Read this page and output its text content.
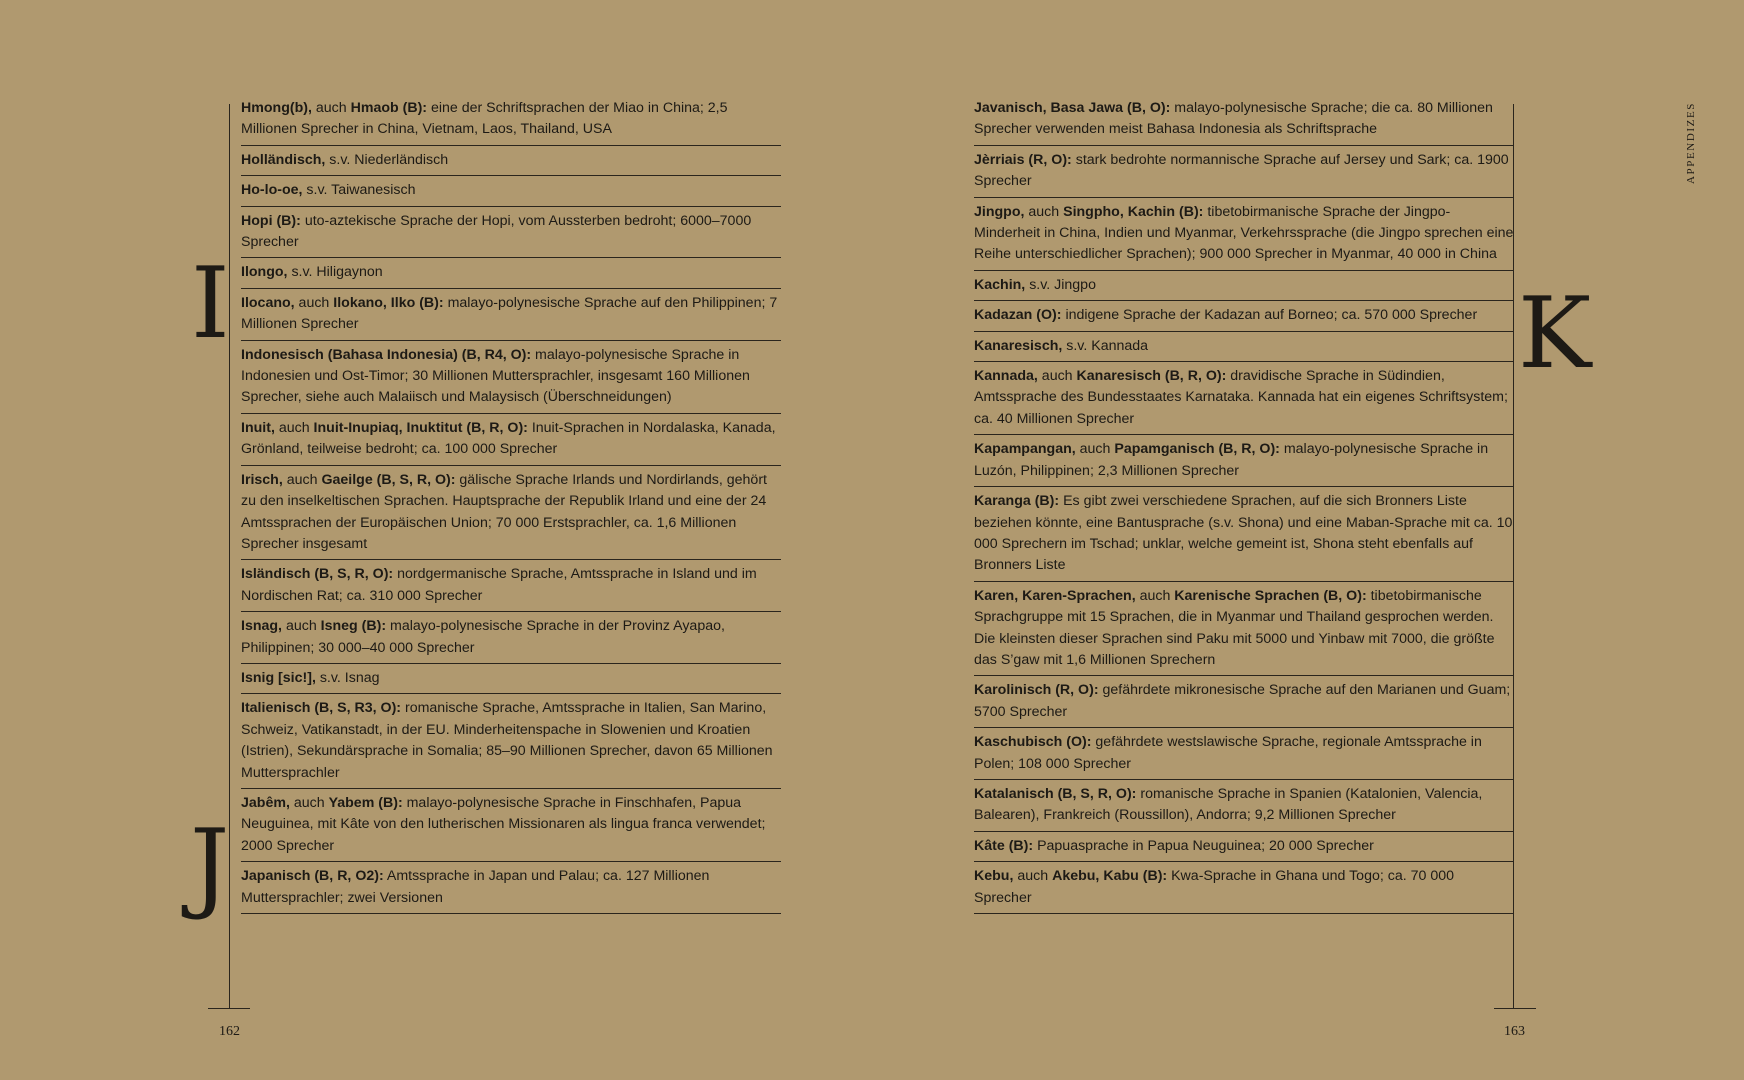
I
J
Hmong(b), auch Hmaob (B): eine der Schriftsprachen der Miao in China; 2,5 Millionen Sprecher in China, Vietnam, Laos, Thailand, USA
Holländisch, s.v. Niederländisch
Ho-lo-oe, s.v. Taiwanesisch
Hopi (B): uto-aztekische Sprache der Hopi, vom Aussterben bedroht; 6000–7000 Sprecher
Ilongo, s.v. Hiligaynon
Ilocano, auch Ilokano, Ilko (B): malayo-polynesische Sprache auf den Philippinen; 7 Millionen Sprecher
Indonesisch (Bahasa Indonesia) (B, R4, O): malayo-polynesische Sprache in Indonesien und Ost-Timor; 30 Millionen Muttersprachler, insgesamt 160 Millionen Sprecher, siehe auch Malaiisch und Malaysisch (Überschneidungen)
Inuit, auch Inuit-Inupiaq, Inuktitut (B, R, O): Inuit-Sprachen in Nordalaska, Kanada, Grönland, teilweise bedroht; ca. 100 000 Sprecher
Irisch, auch Gaeilge (B, S, R, O): gälische Sprache Irlands und Nordirlands, gehört zu den inselkeltischen Sprachen. Hauptsprache der Republik Irland und eine der 24 Amtssprachen der Europäischen Union; 70 000 Erstsprachler, ca. 1,6 Millionen Sprecher insgesamt
Isländisch (B, S, R, O): nordgermanische Sprache, Amtssprache in Island und im Nordischen Rat; ca. 310 000 Sprecher
Isnag, auch Isneg (B): malayo-polynesische Sprache in der Provinz Ayapao, Philippinen; 30 000–40 000 Sprecher
Isnig [sic!], s.v. Isnag
Italienisch (B, S, R3, O): romanische Sprache, Amtssprache in Italien, San Marino, Schweiz, Vatikanstadt, in der EU. Minderheitenspache in Slowenien und Kroatien (Istrien), Sekundärsprache in Somalia; 85–90 Millionen Sprecher, davon 65 Millionen Muttersprachler
Jabêm, auch Yabem (B): malayo-polynesische Sprache in Finschhafen, Papua Neuguinea, mit Kâte von den lutherischen Missionaren als lingua franca verwendet; 2000 Sprecher
Japanisch (B, R, O2): Amtssprache in Japan und Palau; ca. 127 Millionen Muttersprachler; zwei Versionen
162
K
Javanisch, Basa Jawa (B, O): malayo-polynesische Sprache; die ca. 80 Millionen Sprecher verwenden meist Bahasa Indonesia als Schriftsprache
Jèrriais (R, O): stark bedrohte normannische Sprache auf Jersey und Sark; ca. 1900 Sprecher
Jingpo, auch Singpho, Kachin (B): tibetobirmanische Sprache der Jingpo-Minderheit in China, Indien und Myanmar, Verkehrssprache (die Jingpo sprechen eine Reihe unterschiedlicher Sprachen); 900 000 Sprecher in Myanmar, 40 000 in China
Kachin, s.v. Jingpo
Kadazan (O): indigene Sprache der Kadazan auf Borneo; ca. 570 000 Sprecher
Kanaresisch, s.v. Kannada
Kannada, auch Kanaresisch (B, R, O): dravidische Sprache in Südindien, Amtssprache des Bundesstaates Karnataka. Kannada hat ein eigenes Schriftsystem; ca. 40 Millionen Sprecher
Kapampangan, auch Papamganisch (B, R, O): malayo-polynesische Sprache in Luzón, Philippinen; 2,3 Millionen Sprecher
Karanga (B): Es gibt zwei verschiedene Sprachen, auf die sich Bronners Liste beziehen könnte, eine Bantusprache (s.v. Shona) und eine Maban-Sprache mit ca. 10 000 Sprechern im Tschad; unklar, welche gemeint ist, Shona steht ebenfalls auf Bronners Liste
Karen, Karen-Sprachen, auch Karenische Sprachen (B, O): tibetobirmanische Sprachgruppe mit 15 Sprachen, die in Myanmar und Thailand gesprochen werden. Die kleinsten dieser Sprachen sind Paku mit 5000 und Yinbaw mit 7000, die größte das S’gaw mit 1,6 Millionen Sprechern
Karolinisch (R, O): gefährdete mikronesische Sprache auf den Marianen und Guam; 5700 Sprecher
Kaschubisch (O): gefährdete westslawische Sprache, regionale Amtssprache in Polen; 108 000 Sprecher
Katalanisch (B, S, R, O): romanische Sprache in Spanien (Katalonien, Valencia, Balearen), Frankreich (Roussillon), Andorra; 9,2 Millionen Sprecher
Kâte (B): Papuasprache in Papua Neuguinea; 20 000 Sprecher
Kebu, auch Akebu, Kabu (B): Kwa-Sprache in Ghana und Togo; ca. 70 000 Sprecher
163
APPENDIZES
